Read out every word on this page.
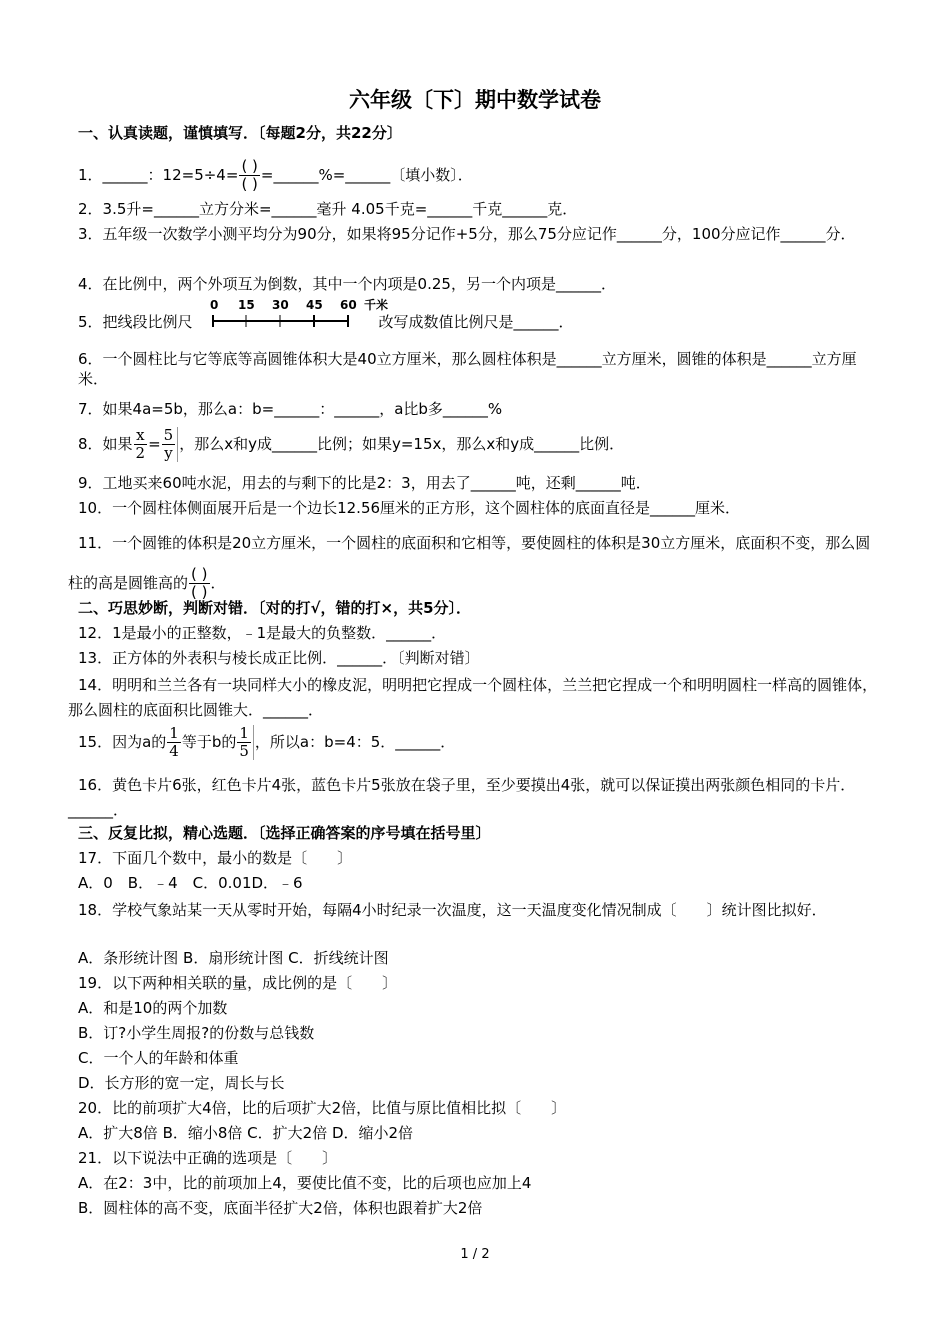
六年级〔下〕期中数学试卷
一、认真读题，谨慎填写．〔每题2分，共22分〕
1．______：12=5÷4= ( )
( ) =______%=______〔填小数〕．
2．3.5升=______立方分米=______毫升 4.05千克=______千克______克．
3．五年级一次数学小测平均分为90分，如果将95分记作+5分，那么75分应记作______分，100分应记作______分．
4．在比例中，两个外项互为倒数，其中一个内项是0.25，另一个内项是______．
5．把线段比例尺	改写成数值比例尺是______．
0 15 30 45 60 千米
6．一个圆柱比与它等底等高圆锥体积大是40立方厘米，那么圆柱体积是______立方厘米，圆锥的体积是______立方厘米．
7．如果4a=5b，那么a：b=______：______，a比b多______%
8．如果 $\frac{x}{2} = \frac{5}{y}$ ，那么x和y成______比例；如果y=15x，那么x和y成______比例．
9．工地买来60吨水泥，用去的与剩下的比是2：3，用去了______吨，还剩______吨．
10．一个圆柱体侧面展开后是一个边长12.56厘米的正方形，这个圆柱体的底面直径是______厘米．
11．一个圆锥的体积是20立方厘米，一个圆柱的底面积和它相等，要使圆柱的体积是30立方厘米，底面积不变，那么圆柱的高是圆锥高的 ( )
( ) ．
二、巧思妙断，判断对错．〔对的打√，错的打×，共5分〕．
12．1是最小的正整数，﹣1是最大的负整数．______．
13．正方体的外表积与棱长成正比例．______．〔判断对错〕
14．明明和兰兰各有一块同样大小的橡皮泥，明明把它捏成一个圆柱体，兰兰把它捏成一个和明明圆柱一样高的圆锥体，那么圆柱的底面积比圆锥大．______．
15．因为a的 $\frac{1}{4}$ 等于b的 $\frac{1}{5}$ ，所以a：b=4：5．______．
16．黄色卡片6张，红色卡片4张，蓝色卡片5张放在袋子里，至少要摸出4张，就可以保证摸出两张颜色相同的卡片．______．
三、反复比拟，精心选题．〔选择正确答案的序号填在括号里〕
17．下面几个数中，最小的数是〔　　〕
A．0　B．﹣4　C．0.01D．﹣6
18．学校气象站某一天从零时开始，每隔4小时纪录一次温度，这一天温度变化情况制成〔　　〕统计图比拟好．
A．条形统计图 B．扇形统计图 C．折线统计图
19．以下两种相关联的量，成比例的是〔　　〕
A．和是10的两个加数
B．订?小学生周报?的份数与总钱数
C．一个人的年龄和体重
D．长方形的宽一定，周长与长
20．比的前项扩大4倍，比的后项扩大2倍，比值与原比值相比拟〔　　〕
A．扩大8倍 B．缩小8倍 C．扩大2倍 D．缩小2倍
21．以下说法中正确的选项是〔　　〕
A．在2：3中，比的前项加上4，要使比值不变，比的后项也应加上4
B．圆柱体的高不变，底面半径扩大2倍，体积也跟着扩大2倍
1 / 2
